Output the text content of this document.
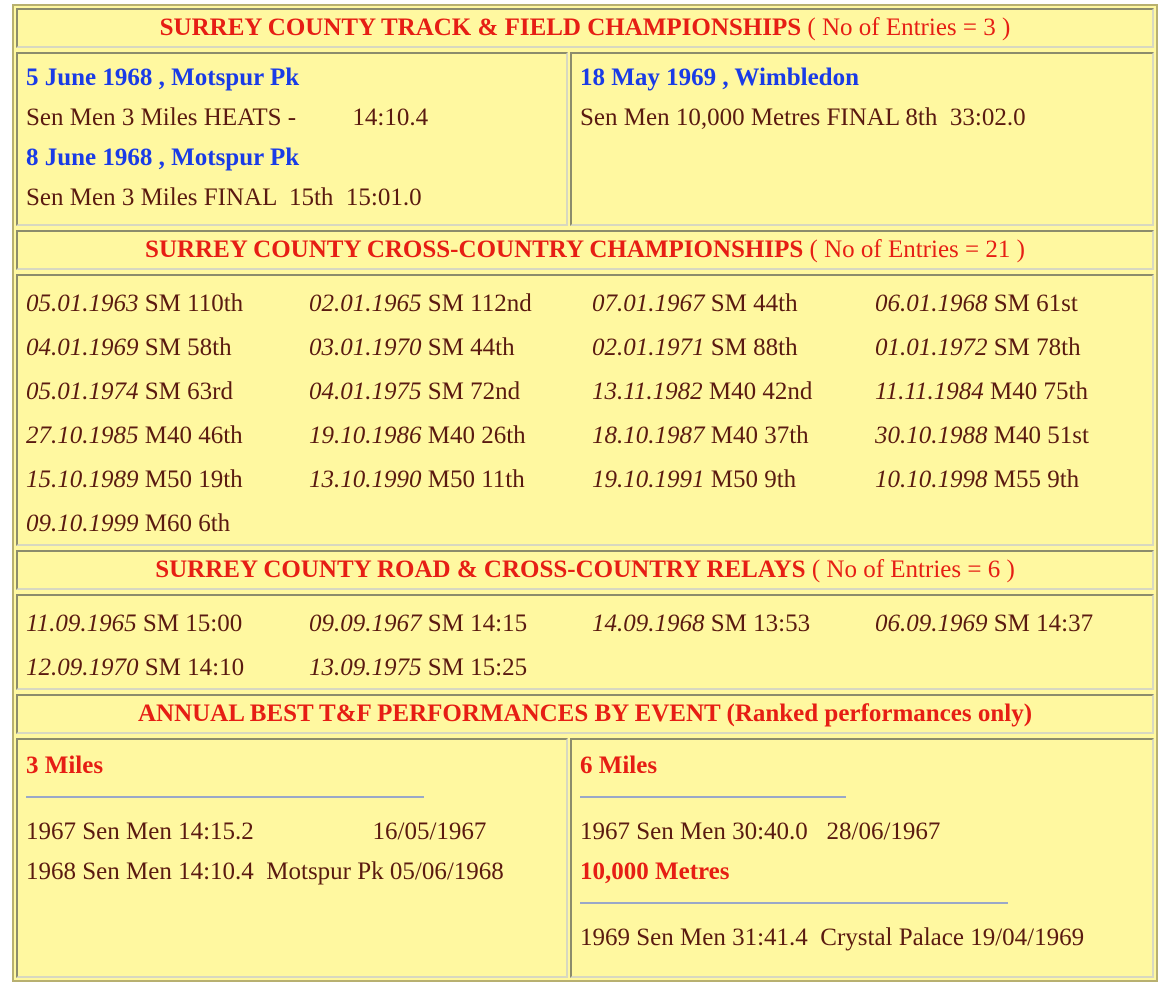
SURREY COUNTY TRACK & FIELD CHAMPIONSHIPS ( No of Entries = 3 )
5 June 1968 , Motspur Pk
Sen Men 3 Miles HEATS -         14:10.4
8 June 1968 , Motspur Pk
Sen Men 3 Miles FINAL  15th  15:01.0
18 May 1969 , Wimbledon
Sen Men 10,000 Metres FINAL 8th  33:02.0
SURREY COUNTY CROSS-COUNTRY CHAMPIONSHIPS ( No of Entries = 21 )
05.01.1963 SM 110th	02.01.1965 SM 112nd 07.01.1967 SM 44th	06.01.1968 SM 61st
04.01.1969 SM 58th	03.01.1970 SM 44th	02.01.1971 SM 88th	01.01.1972 SM 78th
05.01.1974 SM 63rd	04.01.1975 SM 72nd	13.11.1982 M40 42nd	11.11.1984 M40 75th
27.10.1985 M40 46th	19.10.1986 M40 26th	18.10.1987 M40 37th	30.10.1988 M40 51st
15.10.1989 M50 19th	13.10.1990 M50 11th	19.10.1991 M50 9th	10.10.1998 M55 9th
09.10.1999 M60 6th
SURREY COUNTY ROAD & CROSS-COUNTRY RELAYS ( No of Entries = 6 )
11.09.1965 SM 15:00	09.09.1967 SM 14:15	14.09.1968 SM 13:53	06.09.1969 SM 14:37
12.09.1970 SM 14:10	13.09.1975 SM 15:25
ANNUAL BEST T&F PERFORMANCES BY EVENT (Ranked performances only)
3 Miles
1967 Sen Men 14:15.2                   16/05/1967
1968 Sen Men 14:10.4  Motspur Pk 05/06/1968
6 Miles
1967 Sen Men 30:40.0   28/06/1967
10,000 Metres
1969 Sen Men 31:41.4  Crystal Palace 19/04/1969
